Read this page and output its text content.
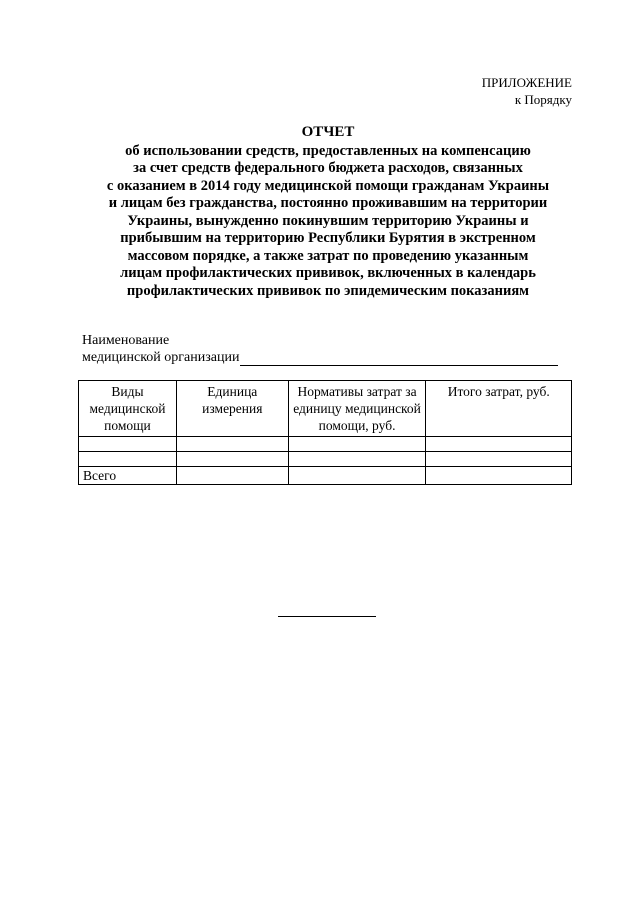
ПРИЛОЖЕНИЕ
к Порядку
ОТЧЕТ
об использовании средств, предоставленных на компенсацию
за счет средств федерального бюджета расходов, связанных
с оказанием в 2014 году медицинской помощи гражданам Украины
и лицам без гражданства, постоянно проживавшим на территории
Украины, вынужденно покинувшим территорию Украины и
прибывшим на территорию Республики Бурятия в экстренном
массовом порядке, а также затрат по проведению указанным
лицам профилактических прививок, включенных в календарь
профилактических прививок по эпидемическим показаниям
Наименование
медицинской организации
Виды медицинской помощи	Единица измерения	Нормативы затрат за единицу медицинской помощи, руб.	Итого затрат, руб.

Всего			
